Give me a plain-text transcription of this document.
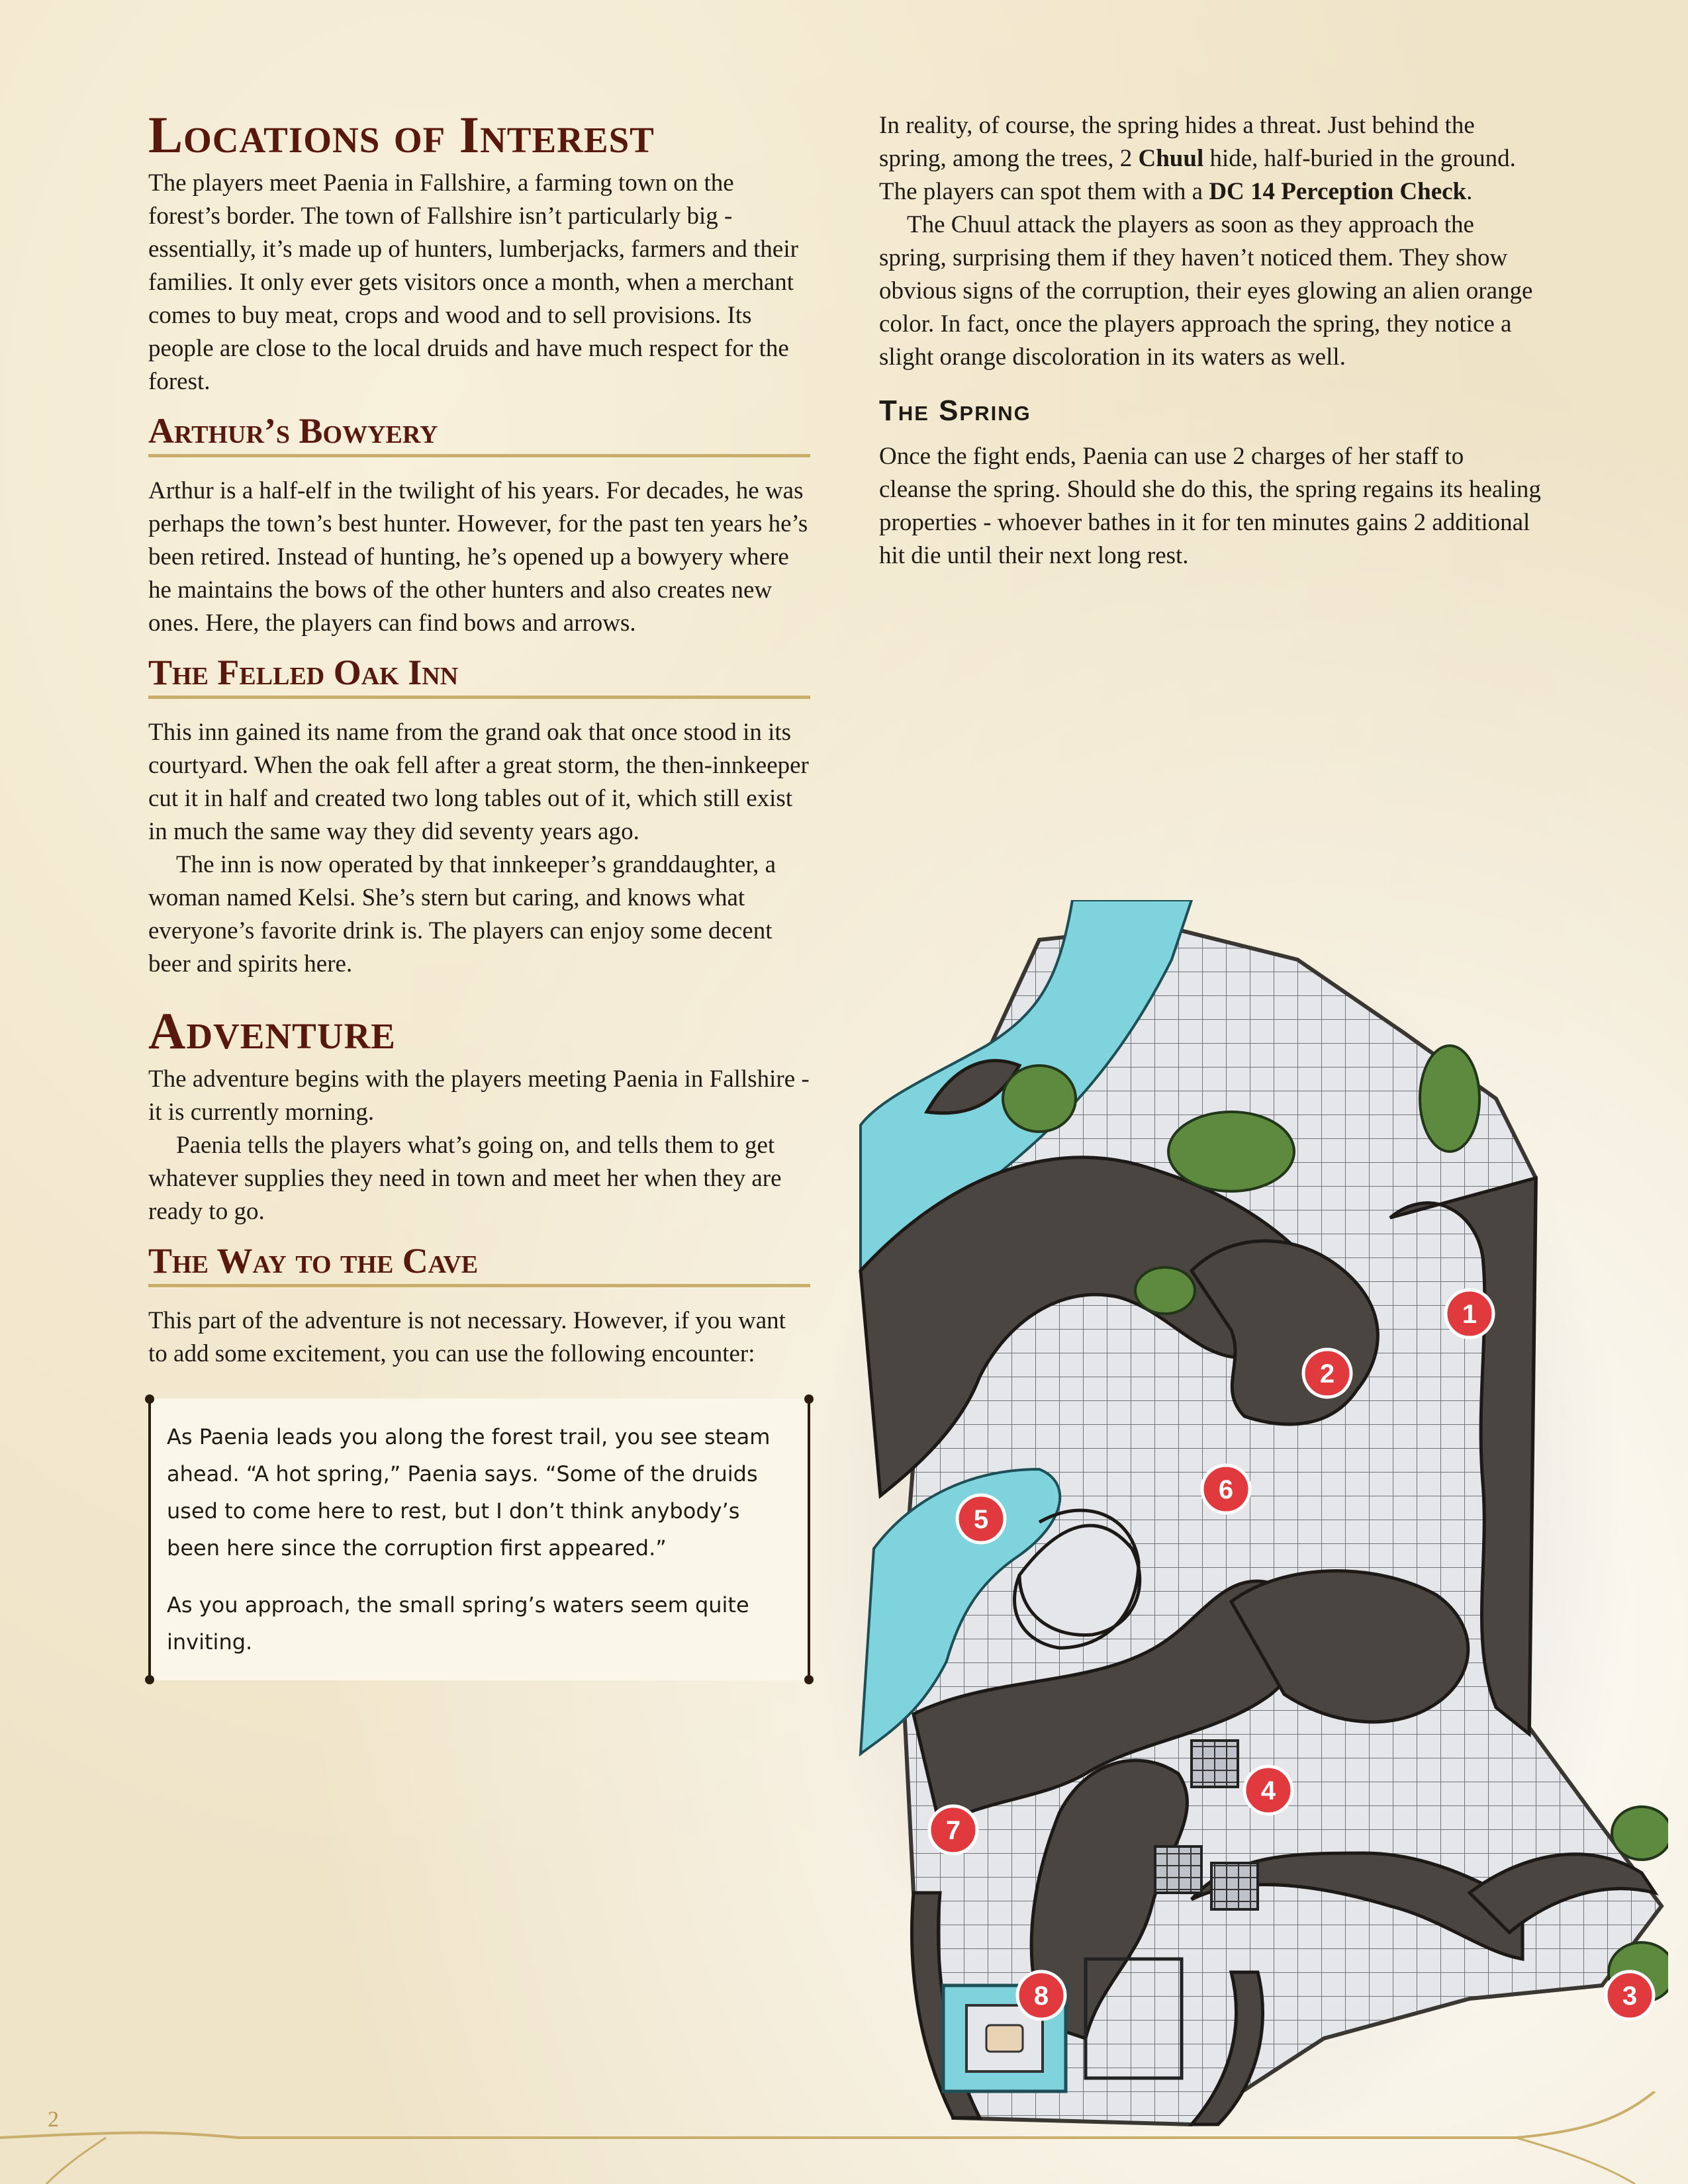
Locations of Interest

The players meet Paenia in Fallshire, a farming town on the forest’s border. The town of Fallshire isn’t particularly big - essentially, it’s made up of hunters, lumberjacks, farmers and their families. It only ever gets visitors once a month, when a merchant comes to buy meat, crops and wood and to sell provisions. Its people are close to the local druids and have much respect for the forest.

Arthur’s Bowyery

Arthur is a half-elf in the twilight of his years. For decades, he was perhaps the town’s best hunter. However, for the past ten years he’s been retired. Instead of hunting, he’s opened up a bowyery where he maintains the bows of the other hunters and also creates new ones. Here, the players can find bows and arrows.

The Felled Oak Inn

This inn gained its name from the grand oak that once stood in its courtyard. When the oak fell after a great storm, the then-innkeeper cut it in half and created two long tables out of it, which still exist in much the same way they did seventy years ago.

The inn is now operated by that innkeeper’s granddaughter, a woman named Kelsi. She’s stern but caring, and knows what everyone’s favorite drink is. The players can enjoy some decent beer and spirits here.

Adventure

The adventure begins with the players meeting Paenia in Fallshire - it is currently morning.

Paenia tells the players what’s going on, and tells them to get whatever supplies they need in town and meet her when they are ready to go.

The Way to the Cave

This part of the adventure is not necessary. However, if you want to add some excitement, you can use the following encounter:

As Paenia leads you along the forest trail, you see steam ahead. “A hot spring,” Paenia says. “Some of the druids used to come here to rest, but I don’t think anybody’s been here since the corruption first appeared.”

As you approach, the small spring’s waters seem quite inviting.

In reality, of course, the spring hides a threat. Just behind the spring, among the trees, 2 Chuul hide, half-buried in the ground. The players can spot them with a DC 14 Perception Check.

The Chuul attack the players as soon as they approach the spring, surprising them if they haven’t noticed them. They show obvious signs of the corruption, their eyes glowing an alien orange color. In fact, once the players approach the spring, they notice a slight orange discoloration in its waters as well.

The Spring

Once the fight ends, Paenia can use 2 charges of her staff to cleanse the spring. Should she do this, the spring regains its healing properties - whoever bathes in it for ten minutes gains 2 additional hit die until their next long rest.

1
2
3
4
5
6
7
8
2
